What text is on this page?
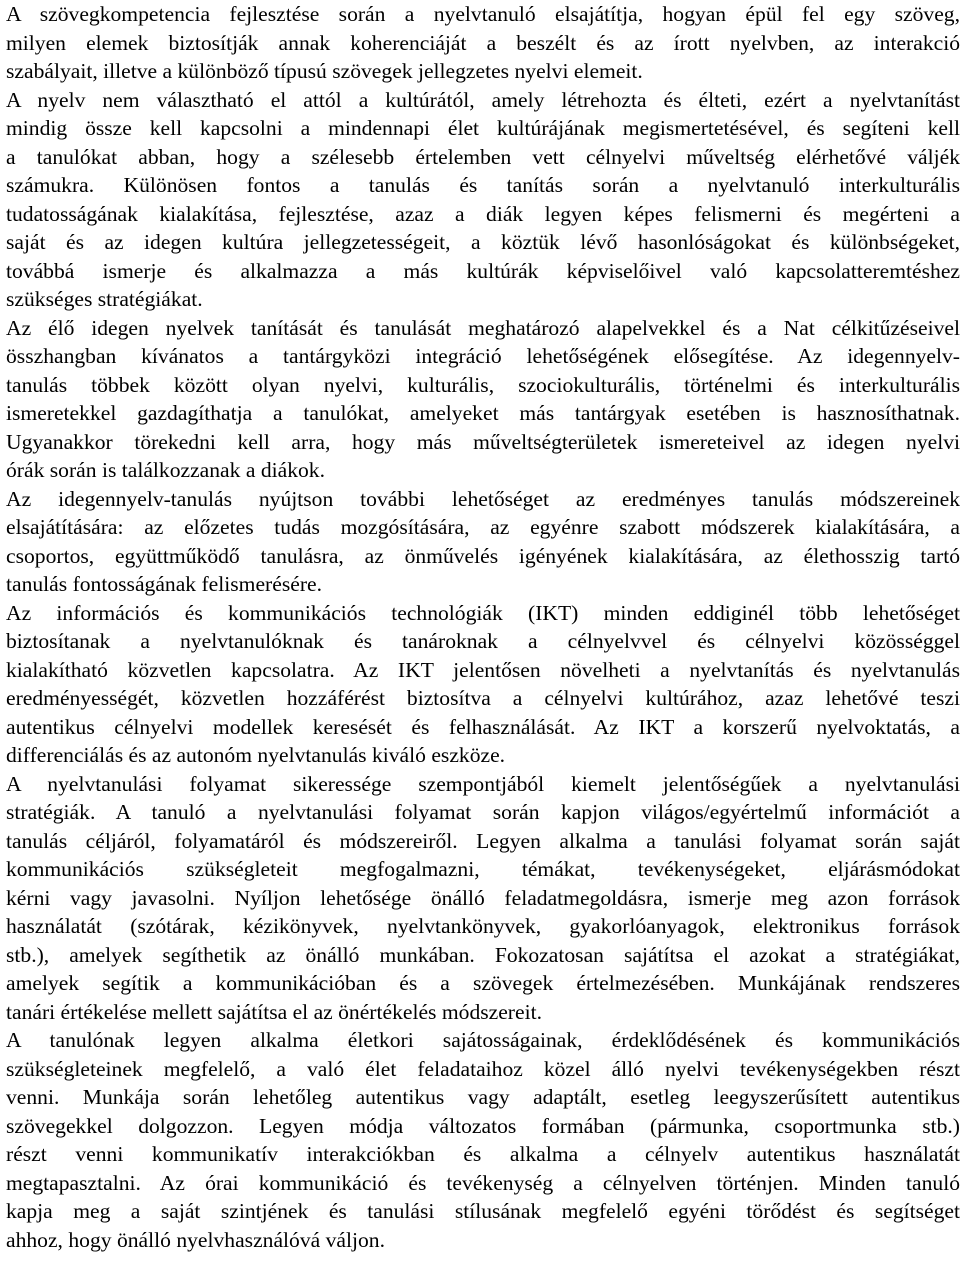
A szövegkompetencia fejlesztése során a nyelvtanuló elsajátítja, hogyan épül fel egy szöveg,
milyen elemek biztosítják annak koherenciáját a beszélt és az írott nyelvben, az interakció
szabályait, illetve a különböző típusú szövegek jellegzetes nyelvi elemeit.

A nyelv nem választható el attól a kultúrától, amely létrehozta és élteti, ezért a nyelvtanítást
mindig össze kell kapcsolni a mindennapi élet kultúrájának megismertetésével, és segíteni kell
a tanulókat abban, hogy a szélesebb értelemben vett célnyelvi műveltség elérhetővé váljék
számukra. Különösen fontos a tanulás és tanítás során a nyelvtanuló interkulturális
tudatosságának kialakítása, fejlesztése, azaz a diák legyen képes felismerni és megérteni a
saját és az idegen kultúra jellegzetességeit, a köztük lévő hasonlóságokat és különbségeket,
továbbá ismerje és alkalmazza a más kultúrák képviselőivel való kapcsolatteremtéshez
szükséges stratégiákat.

Az élő idegen nyelvek tanítását és tanulását meghatározó alapelvekkel és a Nat célkitűzéseivel
összhangban kívánatos a tantárgyközi integráció lehetőségének elősegítése. Az idegennyelv-
tanulás többek között olyan nyelvi, kulturális, szociokulturális, történelmi és interkulturális
ismeretekkel gazdagíthatja a tanulókat, amelyeket más tantárgyak esetében is hasznosíthatnak.
Ugyanakkor törekedni kell arra, hogy más műveltségterületek ismereteivel az idegen nyelvi
órák során is találkozzanak a diákok.

Az idegennyelv-tanulás nyújtson további lehetőséget az eredményes tanulás módszereinek
elsajátítására: az előzetes tudás mozgósítására, az egyénre szabott módszerek kialakítására, a
csoportos, együttműködő tanulásra, az önművelés igényének kialakítására, az élethosszig tartó
tanulás fontosságának felismerésére.

Az információs és kommunikációs technológiák (IKT) minden eddiginél több lehetőséget
biztosítanak a nyelvtanulóknak és tanároknak a célnyelvvel és célnyelvi közösséggel
kialakítható közvetlen kapcsolatra. Az IKT jelentősen növelheti a nyelvtanítás és nyelvtanulás
eredményességét, közvetlen hozzáférést biztosítva a célnyelvi kultúrához, azaz lehetővé teszi
autentikus célnyelvi modellek keresését és felhasználását. Az IKT a korszerű nyelvoktatás, a
differenciálás és az autonóm nyelvtanulás kiváló eszköze.

A nyelvtanulási folyamat sikeressége szempontjából kiemelt jelentőségűek a nyelvtanulási
stratégiák. A tanuló a nyelvtanulási folyamat során kapjon világos/egyértelmű információt a
tanulás céljáról, folyamatáról és módszereiről. Legyen alkalma a tanulási folyamat során saját
kommunikációs szükségleteit megfogalmazni, témákat, tevékenységeket, eljárásmódokat
kérni vagy javasolni. Nyíljon lehetősége önálló feladatmegoldásra, ismerje meg azon források
használatát (szótárak, kézikönyvek, nyelvtankönyvek, gyakorlóanyagok, elektronikus források
stb.), amelyek segíthetik az önálló munkában. Fokozatosan sajátítsa el azokat a stratégiákat,
amelyek segítik a kommunikációban és a szövegek értelmezésében. Munkájának rendszeres
tanári értékelése mellett sajátítsa el az önértékelés módszereit.

A tanulónak legyen alkalma életkori sajátosságainak, érdeklődésének és kommunikációs
szükségleteinek megfelelő, a való élet feladataihoz közel álló nyelvi tevékenységekben részt
venni. Munkája során lehetőleg autentikus vagy adaptált, esetleg leegyszerűsített autentikus
szövegekkel dolgozzon. Legyen módja változatos formában (pármunka, csoportmunka stb.)
részt venni kommunikatív interakciókban és alkalma a célnyelv autentikus használatát
megtapasztalni. Az órai kommunikáció és tevékenység a célnyelven történjen. Minden tanuló
kapja meg a saját szintjének és tanulási stílusának megfelelő egyéni törődést és segítséget
ahhoz, hogy önálló nyelvhasználóvá váljon.
